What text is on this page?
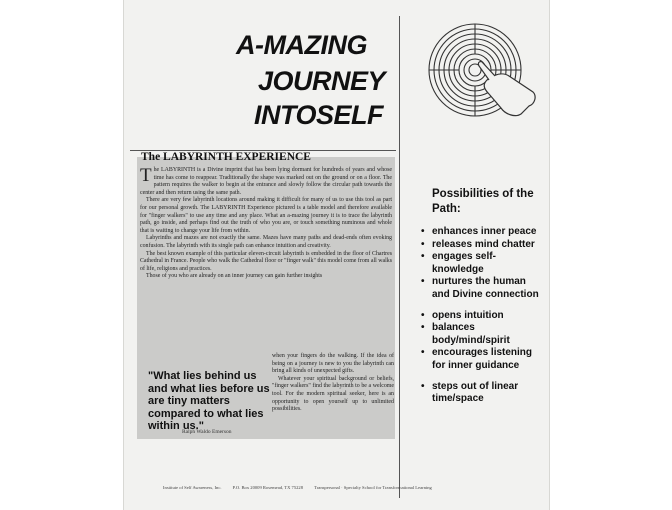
A-MAZING
JOURNEY
INTOSELF
The LABYRINTH EXPERIENCE

The LABYRINTH is a Divine imprint that has been lying dormant for hundreds of years and whose time has come to reappear. Traditionally the shape was marked out on the ground or on a floor. The pattern requires the walker to begin at the entrance and slowly follow the circular path towards the center and then return using the same path.

There are very few labyrinth locations around making it difficult for many of us to use this tool as part for our personal growth. The LABYRINTH Experience pictured is a table model and therefore available for "finger walkers" to use any time and any place. What an a-mazing journey it is to trace the labyrinth path, go inside, and perhaps find out the truth of who you are, or touch something numinous and whole that is waiting to change your life from within.

Labyrinths and mazes are not exactly the same. Mazes have many paths and dead-ends often evoking confusion. The labyrinth with its single path can enhance intuition and creativity.

The best known example of this particular eleven-circuit labyrinth is embedded in the floor of Chartres Cathedral in France. People who walk the Cathedral floor or "finger walk" this model come from all walks of life, religions and practices.

Those of you who are already on an inner journey can gain further insights

when your fingers do the walking. If the idea of being on a journey is new to you the labyrinth can bring all kinds of unexpected gifts.

Whatever your spiritual background or beliefs, "finger walkers" find the labyrinth to be a welcome tool. For the modern spiritual seeker, here is an opportunity to open yourself up to unlimited possibilities.

"What lies behind us and what lies before us are tiny matters compared to what lies within us."
Ralph Waldo Emerson
Possibilities of the Path:
• enhances inner peace
• releases mind chatter
• engages self-knowledge
• nurtures the human and Divine connection
• opens intuition
• balances body/mind/spirit
• encourages listening for inner guidance
• steps out of linear time/space
Institute of Self Awareness, Inc. P.O. Box 20009 Rosemead, TX 75228 Transpersonal · Specialty School for Transformational Learning
